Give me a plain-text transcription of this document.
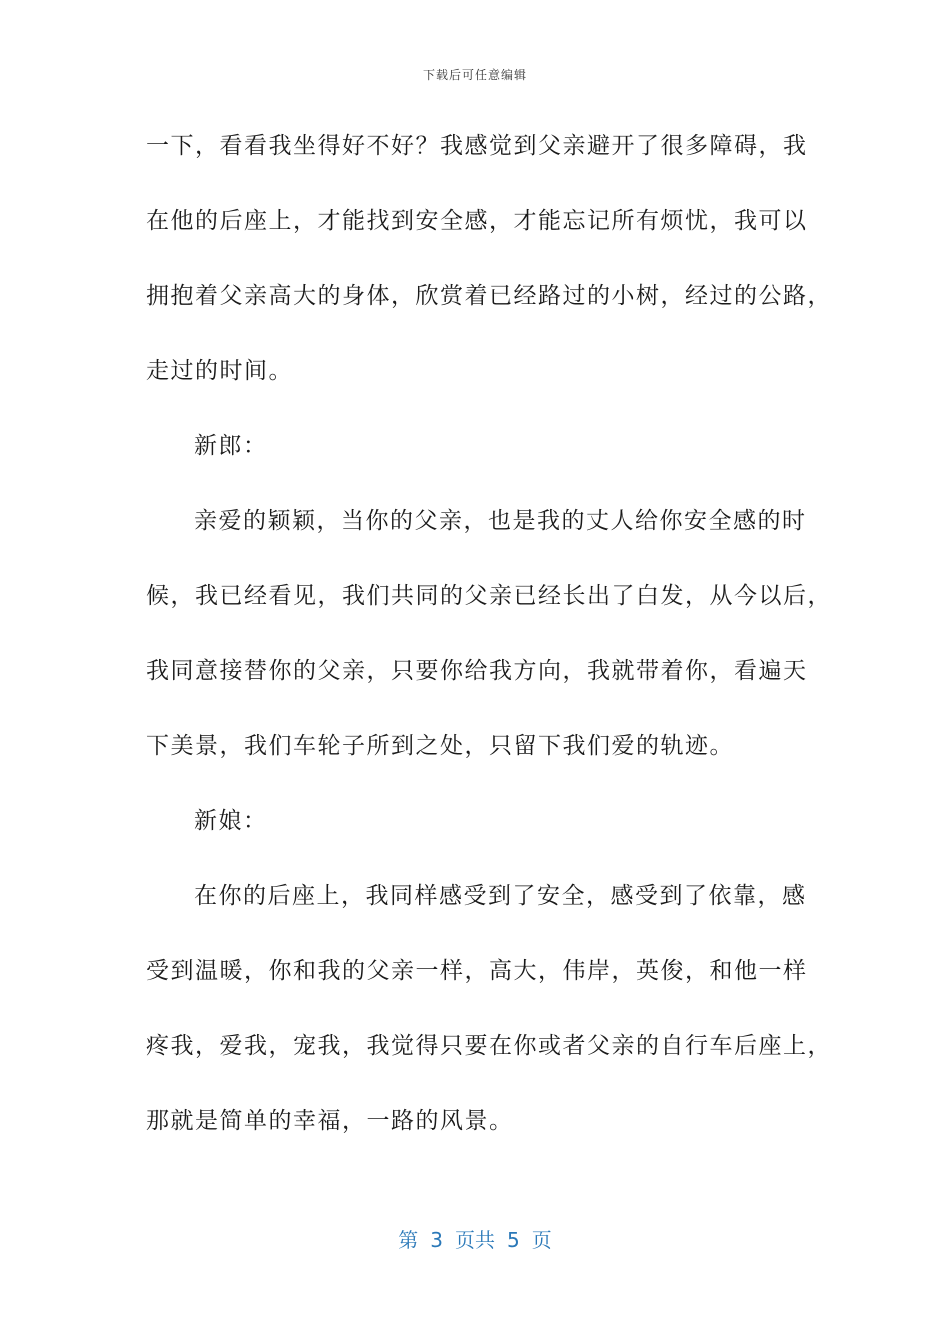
下载后可任意编辑
一下，看看我坐得好不好？我感觉到父亲避开了很多障碍，我
在他的后座上，才能找到安全感，才能忘记所有烦忧，我可以
拥抱着父亲高大的身体，欣赏着已经路过的小树，经过的公路，
走过的时间。
新郎：
亲爱的颖颖，当你的父亲，也是我的丈人给你安全感的时
候，我已经看见，我们共同的父亲已经长出了白发，从今以后，
我同意接替你的父亲，只要你给我方向，我就带着你，看遍天
下美景，我们车轮子所到之处，只留下我们爱的轨迹。
新娘：
在你的后座上，我同样感受到了安全，感受到了依靠，感
受到温暖，你和我的父亲一样，高大，伟岸，英俊，和他一样
疼我，爱我，宠我，我觉得只要在你或者父亲的自行车后座上，
那就是简单的幸福，一路的风景。
第 3 页共 5 页
